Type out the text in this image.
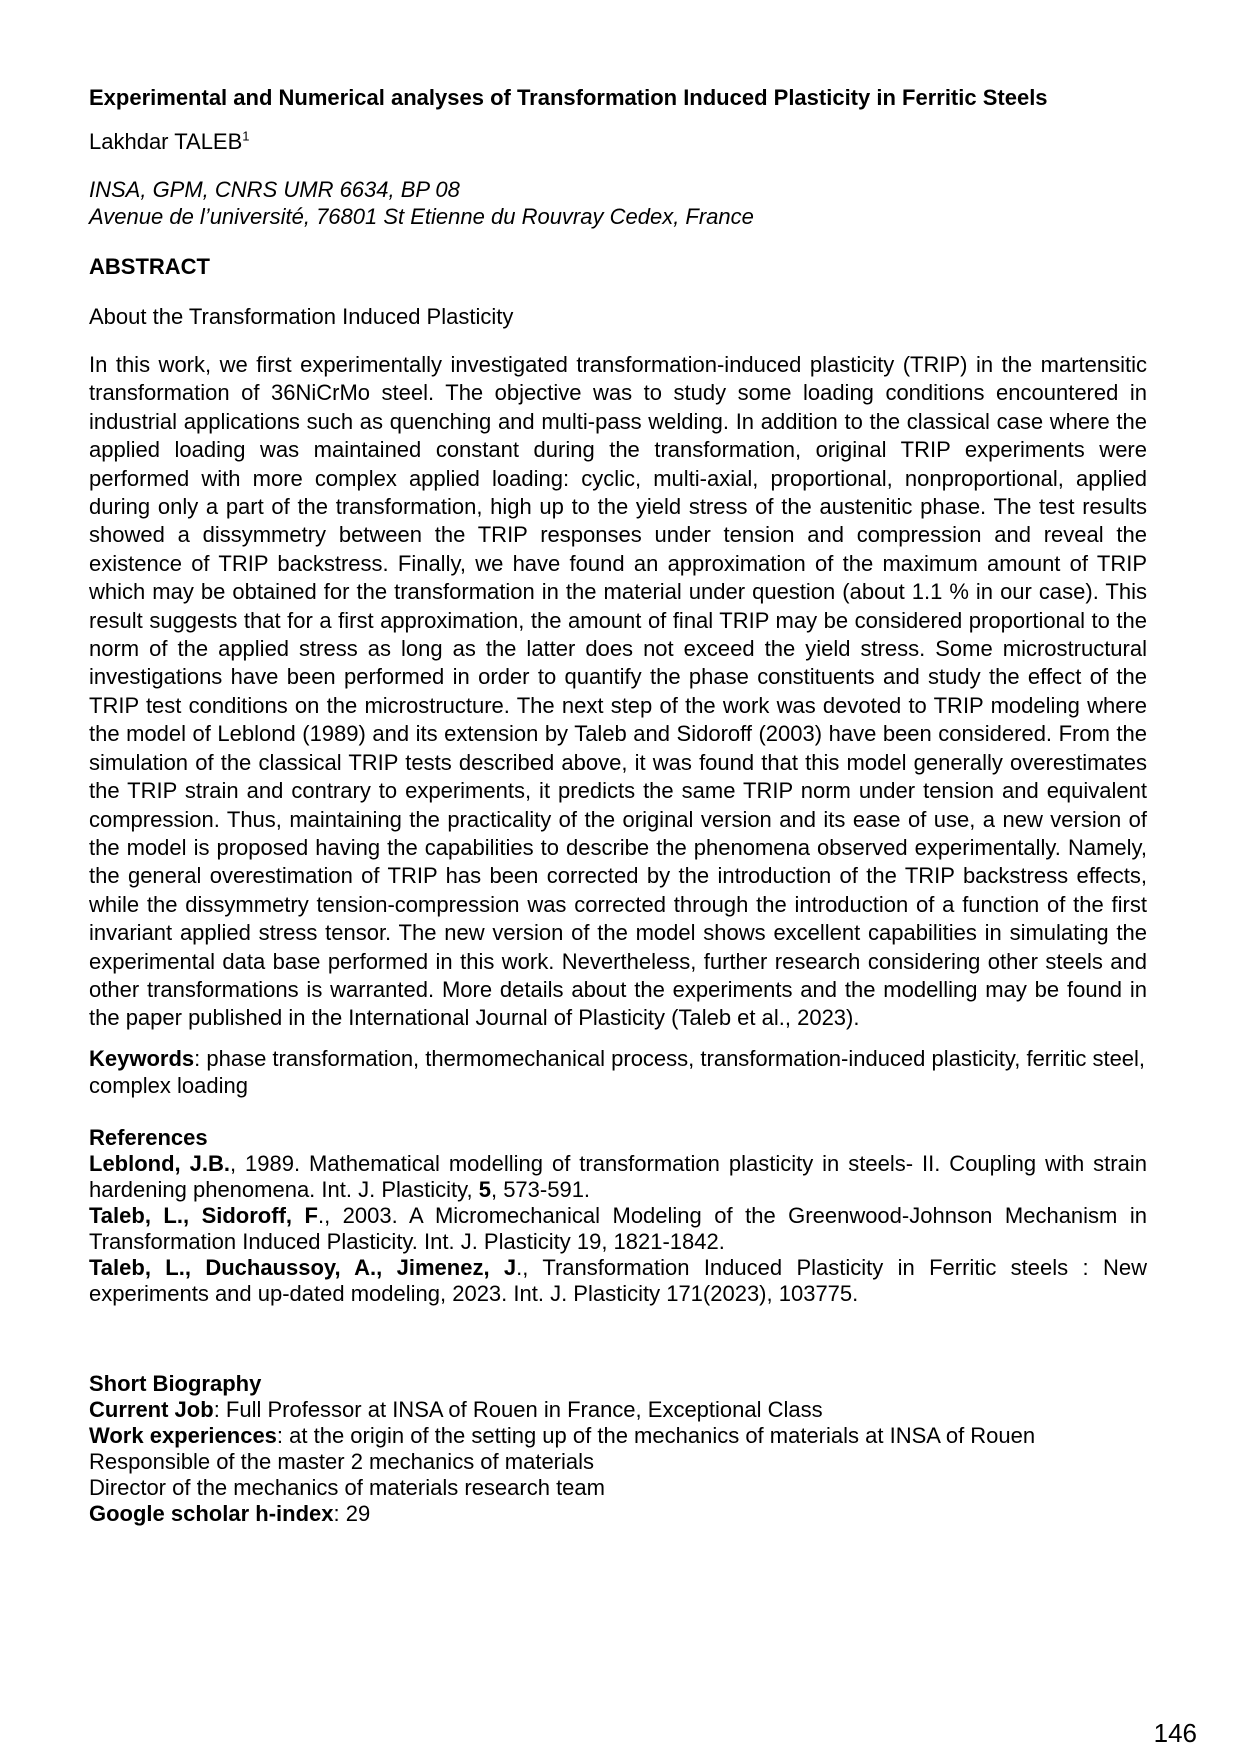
Experimental and Numerical analyses of Transformation Induced Plasticity in Ferritic Steels
Lakhdar TALEB$^1$
INSA, GPM, CNRS UMR 6634, BP 08
Avenue de l’université, 76801 St Etienne du Rouvray Cedex, France
ABSTRACT
About the Transformation Induced Plasticity
In this work, we first experimentally investigated transformation-induced plasticity (TRIP) in the martensitic transformation of 36NiCrMo steel. The objective was to study some loading conditions encountered in industrial applications such as quenching and multi-pass welding. In addition to the classical case where the applied loading was maintained constant during the transformation, original TRIP experiments were performed with more complex applied loading: cyclic, multi-axial, proportional, nonproportional, applied during only a part of the transformation, high up to the yield stress of the austenitic phase. The test results showed a dissymmetry between the TRIP responses under tension and compression and reveal the existence of TRIP backstress. Finally, we have found an approximation of the maximum amount of TRIP which may be obtained for the transformation in the material under question (about 1.1 % in our case). This result suggests that for a first approximation, the amount of final TRIP may be considered proportional to the norm of the applied stress as long as the latter does not exceed the yield stress. Some microstructural investigations have been performed in order to quantify the phase constituents and study the effect of the TRIP test conditions on the microstructure. The next step of the work was devoted to TRIP modeling where the model of Leblond (1989) and its extension by Taleb and Sidoroff (2003) have been considered. From the simulation of the classical TRIP tests described above, it was found that this model generally overestimates the TRIP strain and contrary to experiments, it predicts the same TRIP norm under tension and equivalent compression. Thus, maintaining the practicality of the original version and its ease of use, a new version of the model is proposed having the capabilities to describe the phenomena observed experimentally. Namely, the general overestimation of TRIP has been corrected by the introduction of the TRIP backstress effects, while the dissymmetry tension-compression was corrected through the introduction of a function of the first invariant applied stress tensor. The new version of the model shows excellent capabilities in simulating the experimental data base performed in this work. Nevertheless, further research considering other steels and other transformations is warranted. More details about the experiments and the modelling may be found in the paper published in the International Journal of Plasticity (Taleb et al., 2023).
Keywords: phase transformation, thermomechanical process, transformation-induced plasticity, ferritic steel, complex loading
References
Leblond, J.B., 1989. Mathematical modelling of transformation plasticity in steels- II. Coupling with strain hardening phenomena. Int. J. Plasticity, 5, 573-591.
Taleb, L., Sidoroff, F., 2003. A Micromechanical Modeling of the Greenwood-Johnson Mechanism in Transformation Induced Plasticity. Int. J. Plasticity 19, 1821-1842.
Taleb, L., Duchaussoy, A., Jimenez, J., Transformation Induced Plasticity in Ferritic steels : New experiments and up-dated modeling, 2023. Int. J. Plasticity 171(2023), 103775.
Short Biography
Current Job: Full Professor at INSA of Rouen in France, Exceptional Class
Work experiences: at the origin of the setting up of the mechanics of materials at INSA of Rouen
Responsible of the master 2 mechanics of materials
Director of the mechanics of materials research team
Google scholar h-index: 29
146
